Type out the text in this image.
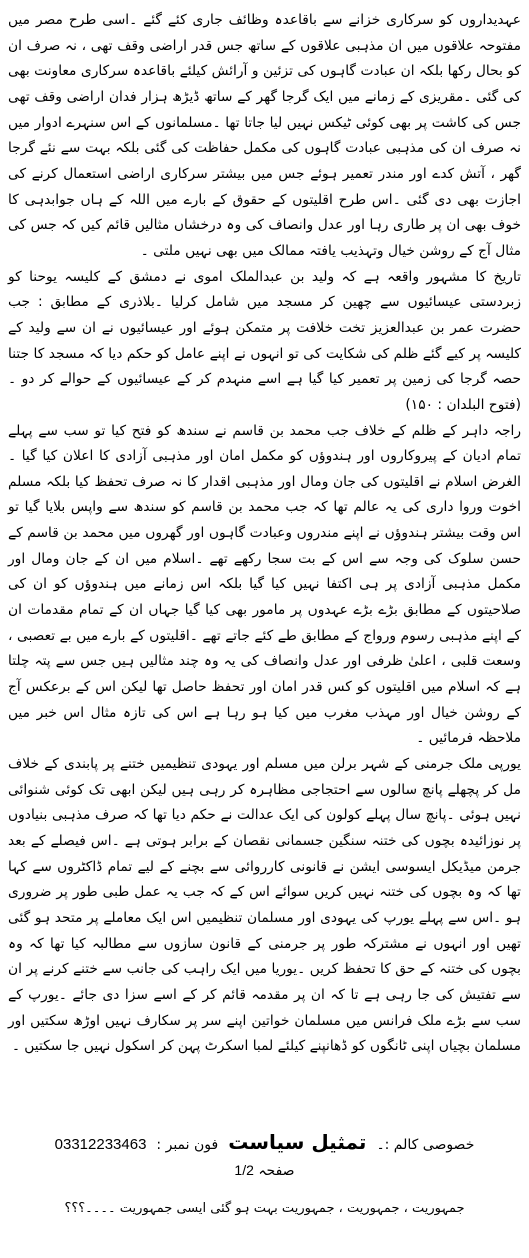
عہدیداروں کو سرکاری خزانے سے باقاعدہ وظائف جاری کئے گئے ۔اسی طرح مصر میں مفتوحہ علاقوں میں ان مذہبی علاقوں کے ساتھ جس قدر اراضی وقف تھی ، نہ صرف ان کو بحال رکھا بلکہ ان عبادت گاہوں کی تزئین و آرائش کیلئے باقاعدہ سرکاری معاونت بھی کی گئی ۔مقریزی کے زمانے میں ایک گرجا گھر کے ساتھ ڈیڑھ ہزار فدان اراضی وقف تھی جس کی کاشت پر بھی کوئی ٹیکس نہیں لیا جاتا تھا ۔مسلمانوں کے اس سنہرے ادوار میں نہ صرف ان کی مذہبی عبادت گاہوں کی مکمل حفاظت کی گئی بلکہ بہت سے نئے گرجا گھر ، آتش کدے اور مندر تعمیر ہوئے جس میں بیشتر سرکاری اراضی استعمال کرنے کی اجازت بھی دی گئی ۔اس طرح اقلیتوں کے حقوق کے بارے میں اللہ کے ہاں جوابدہی کا خوف بھی ان پر طاری رہا اور عدل وانصاف کی وہ درخشاں مثالیں قائم کیں کہ جس کی مثال آج کے روشن خیال وتہذیب یافتہ ممالک میں بھی نہیں ملتی ۔

تاریخ کا مشہور واقعہ ہے کہ ولید بن عبدالملک اموی نے دمشق کے کلیسہ یوحنا کو زبردستی عیسائیوں سے چھین کر مسجد میں شامل کرلیا ۔بلاذری کے مطابق : جب حضرت عمر بن عبدالعزیز تخت خلافت پر متمکن ہوئے اور عیسائیوں نے ان سے ولید کے کلیسہ پر کیے گئے ظلم کی شکایت کی تو انہوں نے اپنے عامل کو حکم دیا کہ مسجد کا جتنا حصہ گرجا کی زمین پر تعمیر کیا گیا ہے اسے منہدم کر کے عیسائیوں کے حوالے کر دو ۔(فتوح البلدان : ۱۵۰)

راجہ داہر کے ظلم کے خلاف جب محمد بن قاسم نے سندھ کو فتح کیا تو سب سے پہلے تمام ادیان کے پیروکاروں اور ہندوؤں کو مکمل امان اور مذہبی آزادی کا اعلان کیا گیا ۔الغرض اسلام نے اقلیتوں کی جان ومال اور مذہبی اقدار کا نہ صرف تحفظ کیا بلکہ مسلم اخوت وروا داری کی یہ عالم تھا کہ جب محمد بن قاسم کو سندھ سے واپس بلایا گیا تو اس وقت بیشتر ہندوؤں نے اپنے مندروں وعبادت گاہوں اور گھروں میں محمد بن قاسم کے حسن سلوک کی وجہ سے اس کے بت سجا رکھے تھے ۔اسلام میں ان کے جان ومال اور مکمل مذہبی آزادی پر ہی اکتفا نہیں کیا گیا بلکہ اس زمانے میں ہندوؤں کو ان کی صلاحیتوں کے مطابق بڑے بڑے عہدوں پر مامور بھی کیا گیا جہاں ان کے تمام مقدمات ان کے اپنے مذہبی رسوم ورواج کے مطابق طے کئے جاتے تھے ۔اقلیتوں کے بارے میں بے تعصبی ، وسعت قلبی ، اعلیٰ ظرفی اور عدل وانصاف کی یہ وہ چند مثالیں ہیں جس سے پتہ چلتا ہے کہ اسلام میں اقلیتوں کو کس قدر امان اور تحفظ حاصل تھا لیکن اس کے برعکس آج کے روشن خیال اور مہذب مغرب میں کیا ہو رہا ہے اس کی تازہ مثال اس خبر میں ملاحظہ فرمائیں ۔

یورپی ملک جرمنی کے شہر برلن میں مسلم اور یہودی تنظیمیں ختنے پر پابندی کے خلاف مل کر پچھلے پانچ سالوں سے احتجاجی مظاہرہ کر رہی ہیں لیکن ابھی تک کوئی شنوائی نہیں ہوئی ۔پانچ سال پہلے کولون کی ایک عدالت نے حکم دیا تھا کہ صرف مذہبی بنیادوں پر نوزائیدہ بچوں کی ختنہ سنگین جسمانی نقصان کے برابر ہوتی ہے ۔اس فیصلے کے بعد جرمن میڈیکل ایسوسی ایشن نے قانونی کارروائی سے بچنے کے لیے تمام ڈاکٹروں سے کہا تھا کہ وہ بچوں کی ختنہ نہیں کریں سوائے اس کے کہ جب یہ عمل طبی طور پر ضروری ہو ۔اس سے پہلے یورپ کی یہودی اور مسلمان تنظیمیں اس ایک معاملے پر متحد ہو گئی تھیں اور انہوں نے مشترکہ طور پر جرمنی کے قانون سازوں سے مطالبہ کیا تھا کہ وہ بچوں کی ختنہ کے حق کا تحفظ کریں ۔یوریا میں ایک راہب کی جانب سے ختنے کرنے پر ان سے تفتیش کی جا رہی ہے تا کہ ان پر مقدمہ قائم کر کے اسے سزا دی جائے ۔یورپ کے سب سے بڑے ملک فرانس میں مسلمان خواتین اپنے سر پر سکارف نہیں اوڑھ سکتیں اور مسلمان بچیاں اپنی ٹانگوں کو ڈھانپنے کیلئے لمبا اسکرٹ پہن کر اسکول نہیں جا سکتیں ۔

خصوصی کالم :۔
تمثیل سیاست
فون نمبر :
03312233463
صفحہ 1/2
جمہوریت ، جمہوریت ، جمہوریت بہت ہو گئی ایسی جمہوریت ۔۔۔۔؟؟؟
